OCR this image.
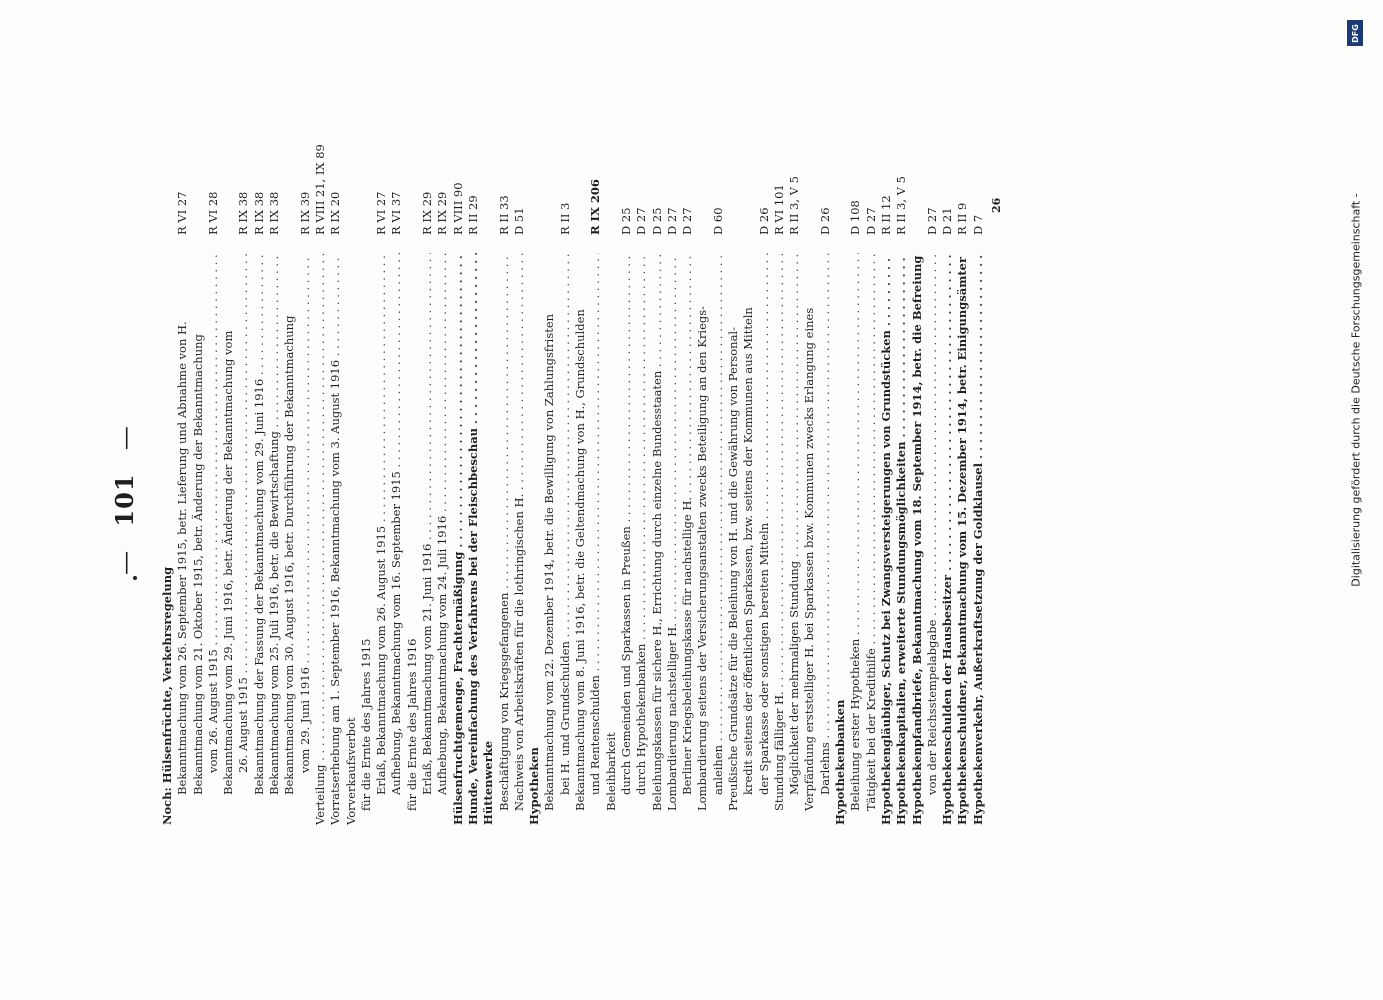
— 101 —
Noch: Hülsenfrüchte, Verkehrsregelung Bekanntmachung vom 26. September 1915, betr. Lieferung und Abnahme von H.
R VI 27
Bekanntmachung vom 21. Oktober 1915, betr. Änderung der Bekanntmachung vom 26. August 1915 . . .
R VI 28
Bekanntmachung vom 29. Juni 1916, betr. Änderung der Bekanntmachung vom 26. August 1915 . . .
R IX 38
Bekanntmachung der Fassung der Bekanntmachung vom 29. Juni 1916 . . .
R IX 38
Bekanntmachung vom 25. Juli 1916, betr. die Bewirtschaftung . . .
R IX 38
Bekanntmachung vom 30. August 1916, betr. Durchführung der Bekanntmachung vom 29. Juni 1916 . . .
R IX 39
Verteilung . . .
R VIII 21, IX 89
Vorratserhebung am 1. September 1916, Bekanntmachung vom 3. August 1916 . . .
R IX 20
Vorverkaufsverbot für die Ernte des Jahres 1915 Erlaß, Bekanntmachung vom 26. August 1915 . . .
R VI 27
Aufhebung, Bekanntmachung vom 16. September 1915 . . .
R VI 37
für die Ernte des Jahres 1916 Erlaß, Bekanntmachung vom 21. Juni 1916 . . .
R IX 29
Aufhebung, Bekanntmachung vom 24. Juli 1916 . . .
R IX 29
Hülsenfruchtgemenge, Frachtermäßigung . . .
R VIII 90
Hunde, Vereinfachung des Verfahrens bei der Fleischbeschau . . .
R II 29
Hüttenwerke Beschäftigung von Kriegsgefangenen . . .
R II 33
Nachweis von Arbeitskräften für die lothringischen H. . . .
D 51
Hypotheken Bekanntmachung vom 22. Dezember 1914, betr. die Bewilligung von Zahlungsfristen bei H. und Grundschulden . . .
R II 3
Bekanntmachung vom 8. Juni 1916, betr. die Geltendmachung von H., Grundschulden und Rentenschulden . . .
R IX 206
Beleihbarkeit durch Gemeinden und Sparkassen in Preußen . . .
D 25
durch Hypothekenbanken . . .
D 27
Beleihungskassen für sichere H., Errichtung durch einzelne Bundesstaaten . . .
D 25
Lombardierung nachstelliger H. . . .
D 27
Berliner Kriegsbeleihungskasse für nachstellige H. . . .
D 27
Lombardierung seitens der Versicherungsanstalten zwecks Beteiligung an den Kriegs- anleihen . . .
D 60
Preußische Grundsätze für die Beleihung von H. und die Gewährung von Personal- kredit seitens der öffentlichen Sparkassen, bzw. seitens der Kommunen aus Mitteln der Sparkasse oder sonstigen bereiten Mitteln . . .
D 26
Stundung fälliger H. . . .
R VI 101
Möglichkeit der mehrmaligen Stundung . . .
R II 3, V 5
Verpfändung erststelliger H. bei Sparkassen bzw. Kommunen zwecks Erlangung eines Darlehns . . .
D 26
Hypothekenbanken Beleihung erster Hypotheken . . .
D 108
Tätigkeit bei der Kredithilfe . . .
D 27
Hypothekengläubiger, Schutz bei Zwangsversteigerungen von Grundstücken . . .
R II 12
Hypothekenkapitalien, erweiterte Stundungsmöglichkeiten . . .
R II 3, V 5
Hypothekenpfandbriefe, Bekanntmachung vom 18. September 1914, betr. die Befreiung von der Reichsstempelabgabe . . .
D 27
Hypothekenschulden der Hausbesitzer . . .
D 21
Hypothekenschuldner, Bekanntmachung vom 15. Dezember 1914, betr. Einigungsämter . . .
R II 9
Hypothekenverkehr, Außerkraftsetzung der Goldklausel . . .
D 7
26
DFG
Digitalisierung gefördert durch die Deutsche Forschungsgemeinschaft -
